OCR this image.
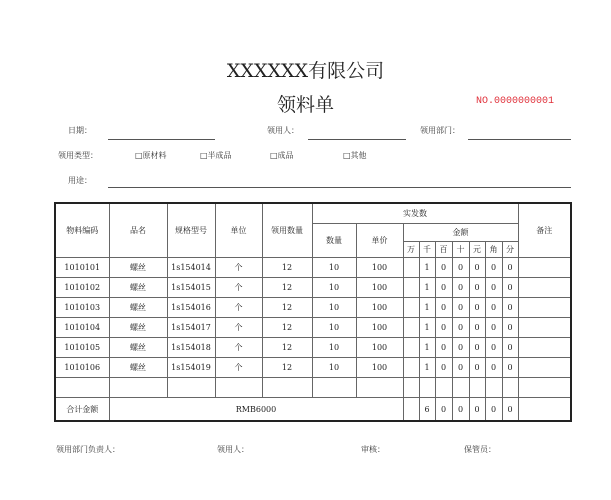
XXXXXX有限公司
领料单	NO.0000000001
日期：	领用人：	领用部门：
领用类型：	□原材料	□半成品	□成品	□其他
用途：
物料编码	品名	规格型号	单位	领用数量	实发数									备注
					数量	单价	金额							
							万	千	百	十	元	角	分	
1010101	螺丝	1s154014	个	12	10	100		1	0	0	0	0	0	
1010102	螺丝	1s154015	个	12	10	100		1	0	0	0	0	0	
1010103	螺丝	1s154016	个	12	10	100		1	0	0	0	0	0	
1010104	螺丝	1s154017	个	12	10	100		1	0	0	0	0	0	
1010105	螺丝	1s154018	个	12	10	100		1	0	0	0	0	0	
1010106	螺丝	1s154019	个	12	10	100		1	0	0	0	0	0	

合计金额	RMB6000							6	0	0	0	0	0	
领用部门负责人：	领用人：	审核：	保管员：
